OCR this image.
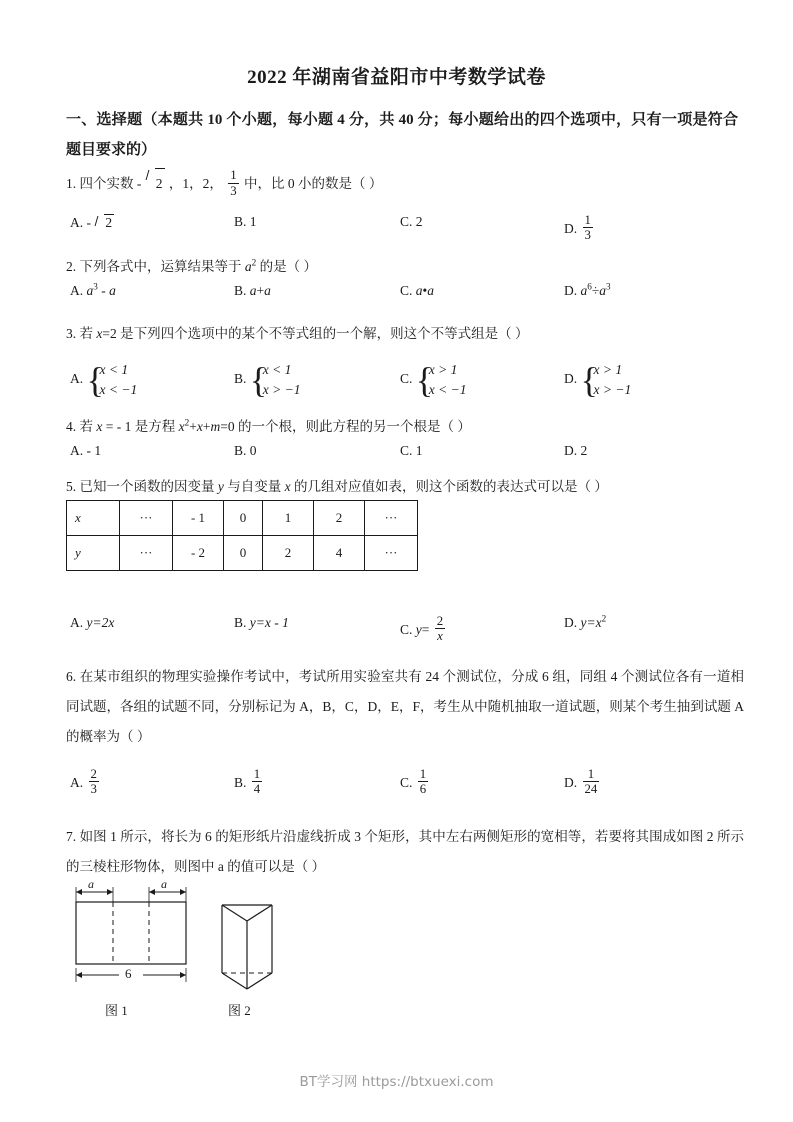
2022 年湖南省益阳市中考数学试卷
一、选择题（本题共 10 个小题，每小题 4 分，共 40 分；每小题给出的四个选项中，只有一项是符合题目要求的）
1. 四个实数 - 2 ，1，2， $\frac{1}{3}$ 中，比 0 小的数是（ ）
A. - 2	B. 1	C. 2	D. $\frac{1}{3}$
2. 下列各式中，运算结果等于 $a^2$ 的是（ ）
A. $a^3$ - a	B. a+a	C. a•a	D. $a^6\div a^3$
3. 若 x=2 是下列四个选项中的某个不等式组的一个解，则这个不等式组是（ ）
A. {
x < 1
x < −1
B. {
x < 1
x > −1
C. {
x > 1
x < −1
D. {
x > 1
x > −1
4. 若 x = - 1 是方程 $x^2+x+m=0$ 的一个根，则此方程的另一个根是（ ）
A. - 1	B. 0	C. 1	D. 2
5. 已知一个函数的因变量 y 与自变量 x 的几组对应值如表，则这个函数的表达式可以是（ ）
x	···	- 1	0	1	2	···
y	···	- 2	0	2	4	···
A. y=2x	B. y=x - 1	C. $y= \frac{2}{x}$	D. $y=x^2$
6. 在某市组织的物理实验操作考试中，考试所用实验室共有 24 个测试位，分成 6 组，同组 4 个测试位各有一道相同试题，各组的试题不同，分别标记为 A，B，C，D，E，F，考生从中随机抽取一道试题，则某个考生抽到试题 A 的概率为（ ）
A. $\frac{2}{3}$	B. $\frac{1}{4}$	C. $\frac{1}{6}$	D. $\frac{1}{24}$
7. 如图 1 所示，将长为 6 的矩形纸片沿虚线折成 3 个矩形，其中左右两侧矩形的宽相等，若要将其围成如图 2 所示的三棱柱形物体，则图中 a 的值可以是（ ）
a	a
6
图 1	图 2
BT学习网 https://btxuexi.com
